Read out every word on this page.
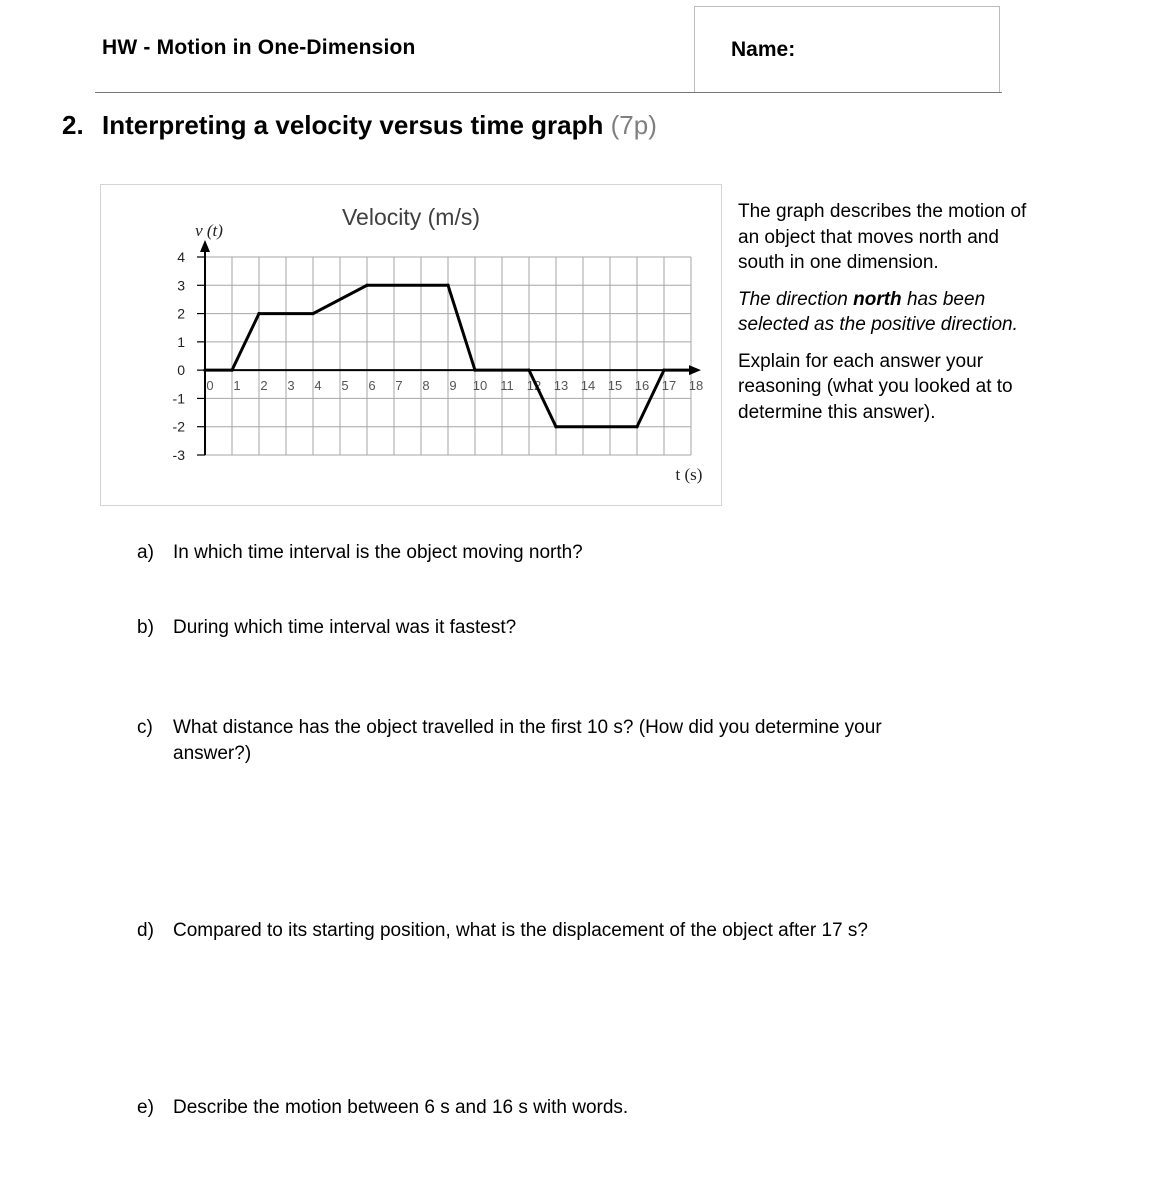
HW - Motion in One-Dimension	Name:
2. Interpreting a velocity versus time graph (7p)
4
3
2
1
0
-1
-2
-3
0 1 2 3 4 5 6 7 8 9 10 11 12 13 14 15 16 17 18
Velocity (m/s)
v (t)
t (s)

The graph describes the motion of an object that moves north and south in one dimension.

The direction north has been selected as the positive direction.

Explain for each answer your reasoning (what you looked at to determine this answer).

a) In which time interval is the object moving north?
b) During which time interval was it fastest?
c) What distance has the object travelled in the first 10 s? (How did you determine your answer?)
d) Compared to its starting position, what is the displacement of the object after 17 s?
e) Describe the motion between 6 s and 16 s with words.
